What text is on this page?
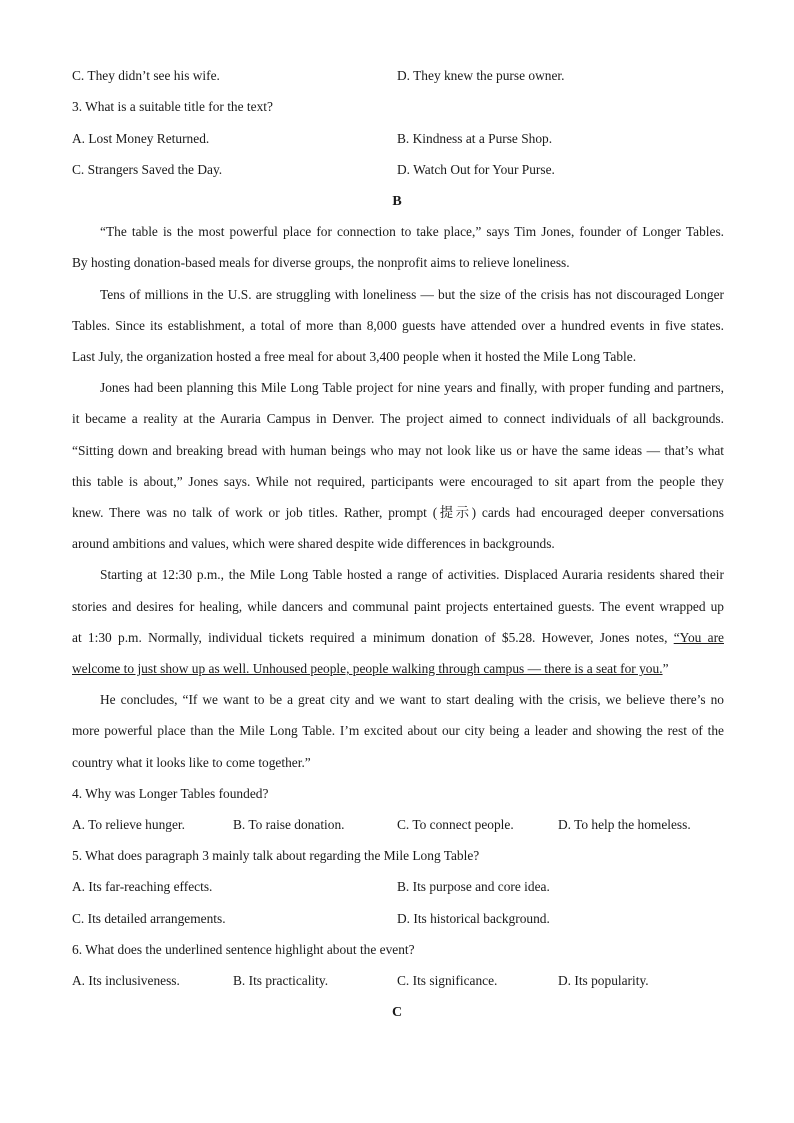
C. They didn’t see his wife.	D. They knew the purse owner.
3. What is a suitable title for the text?
A. Lost Money Returned.	B. Kindness at a Purse Shop.
C. Strangers Saved the Day.	D. Watch Out for Your Purse.
B
“The table is the most powerful place for connection to take place,” says Tim Jones, founder of Longer Tables.
By hosting donation-based meals for diverse groups, the nonprofit aims to relieve loneliness.
Tens of millions in the U.S. are struggling with loneliness — but the size of the crisis has not discouraged Longer
Tables. Since its establishment, a total of more than 8,000 guests have attended over a hundred events in five states.
Last July, the organization hosted a free meal for about 3,400 people when it hosted the Mile Long Table.
Jones had been planning this Mile Long Table project for nine years and finally, with proper funding and partners,
it became a reality at the Auraria Campus in Denver. The project aimed to connect individuals of all backgrounds.
“Sitting down and breaking bread with human beings who may not look like us or have the same ideas — that’s what
this table is about,” Jones says. While not required, participants were encouraged to sit apart from the people they
knew. There was no talk of work or job titles. Rather, prompt (提示) cards had encouraged deeper conversations
around ambitions and values, which were shared despite wide differences in backgrounds.
Starting at 12:30 p.m., the Mile Long Table hosted a range of activities. Displaced Auraria residents shared their
stories and desires for healing, while dancers and communal paint projects entertained guests. The event wrapped up
at 1:30 p.m. Normally, individual tickets required a minimum donation of $5.28. However, Jones notes, “You are
welcome to just show up as well. Unhoused people, people walking through campus — there is a seat for you.”
He concludes, “If we want to be a great city and we want to start dealing with the crisis, we believe there’s no
more powerful place than the Mile Long Table. I’m excited about our city being a leader and showing the rest of the
country what it looks like to come together.”
4. Why was Longer Tables founded?
A. To relieve hunger.	B. To raise donation.	C. To connect people.	D. To help the homeless.
5. What does paragraph 3 mainly talk about regarding the Mile Long Table?
A. Its far-reaching effects.	B. Its purpose and core idea.
C. Its detailed arrangements.	D. Its historical background.
6. What does the underlined sentence highlight about the event?
A. Its inclusiveness.	B. Its practicality.	C. Its significance.	D. Its popularity.
C
